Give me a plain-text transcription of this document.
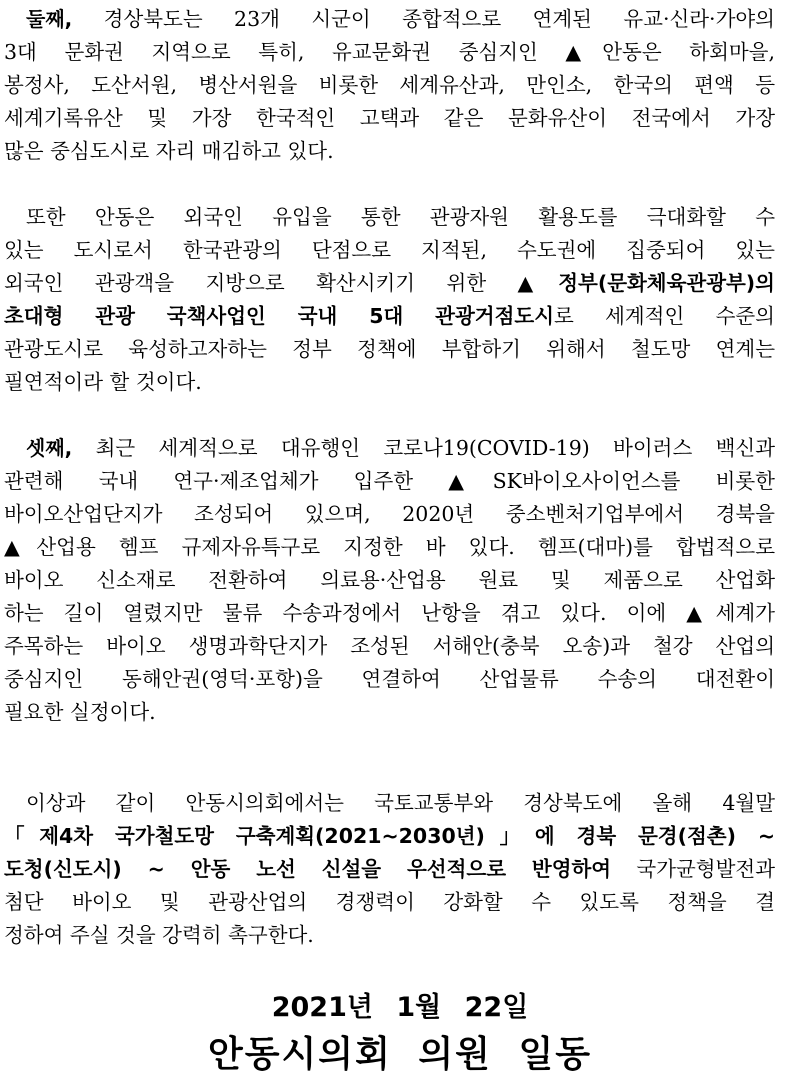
둘째, 경상북도는 23개 시군이 종합적으로 연계된 유교·신라·가야의
3대 문화권 지역으로 특히, 유교문화권 중심지인 ▲안동은 하회마을,
봉정사, 도산서원, 병산서원을 비롯한 세계유산과, 만인소, 한국의 편액 등
세계기록유산 및 가장 한국적인 고택과 같은 문화유산이 전국에서 가장
많은 중심도시로 자리 매김하고 있다.
또한 안동은 외국인 유입을 통한 관광자원 활용도를 극대화할 수
있는 도시로서 한국관광의 단점으로 지적된, 수도권에 집중되어 있는
외국인 관광객을 지방으로 확산시키기 위한 ▲정부(문화체육관광부)의
초대형 관광 국책사업인 국내 5대 관광거점도시로 세계적인 수준의
관광도시로 육성하고자하는 정부 정책에 부합하기 위해서 철도망 연계는
필연적이라 할 것이다.
셋째, 최근 세계적으로 대유행인 코로나19(COVID-19) 바이러스 백신과
관련해 국내 연구·제조업체가 입주한 ▲SK바이오사이언스를 비롯한
바이오산업단지가 조성되어 있으며, 2020년 중소벤처기업부에서 경북을
▲산업용 헴프 규제자유특구로 지정한 바 있다. 헴프(대마)를 합법적으로
바이오 신소재로 전환하여 의료용·산업용 원료 및 제품으로 산업화
하는 길이 열렸지만 물류 수송과정에서 난항을 겪고 있다. 이에 ▲세계가
주목하는 바이오 생명과학단지가 조성된 서해안(충북 오송)과 철강 산업의
중심지인 동해안권(영덕·포항)을 연결하여 산업물류 수송의 대전환이
필요한 실정이다.
이상과 같이 안동시의회에서는 국토교통부와 경상북도에 올해 4월말
「제4차 국가철도망 구축계획(2021~2030년)」에 경북 문경(점촌) ~
도청(신도시) ~ 안동 노선 신설을 우선적으로 반영하여 국가균형발전과
첨단 바이오 및 관광산업의 경쟁력이 강화할 수 있도록 정책을 결
정하여 주실 것을 강력히 촉구한다.
2021년 1월 22일
안동시의회 의원 일동
